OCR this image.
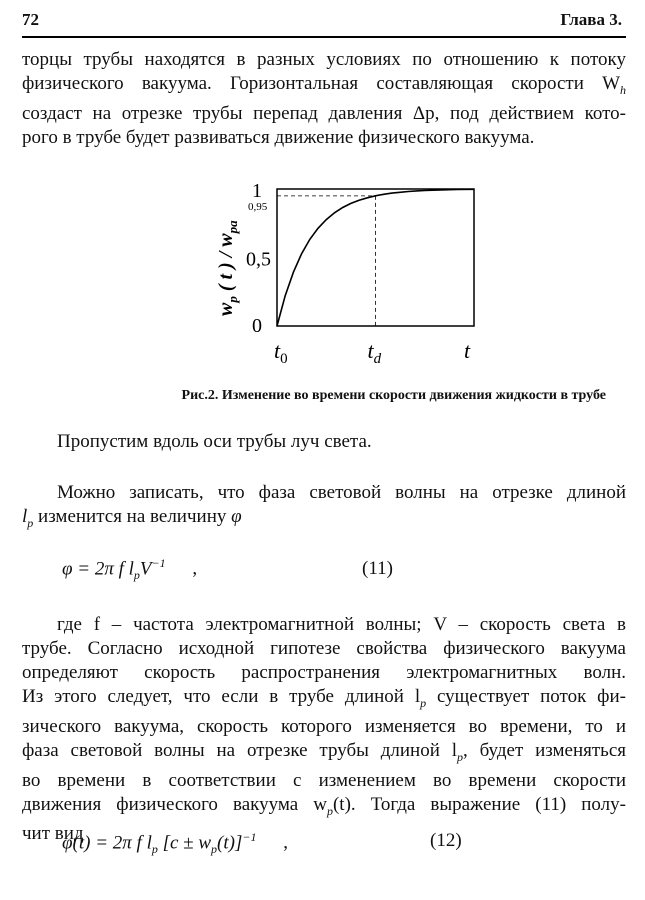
72	Глава 3.
торцы трубы находятся в разных условиях по отношению к потоку
физического вакуума. Горизонтальная составляющая скорости $W_h$
создаст на отрезке трубы перепад давления Δp, под действием кото-
рого в трубе будет развиваться движение физического вакуума.
1
0,95
0,5
0
$t_0$	$t_d$	t
$w_p$ ( t ) / $w_{pa}$
Рис.2. Изменение во времени скорости движения жидкости в трубе
Пропустим вдоль оси трубы луч света.
Можно записать, что фаза световой волны на отрезке длиной
$l_p$ изменится на величину φ
φ = 2π f $l_pV^{-1}$ ,	(11)
где f – частота электромагнитной волны; V – скорость света в
трубе. Согласно исходной гипотезе свойства физического вакуума
определяют скорость распространения электромагнитных волн.
Из этого следует, что если в трубе длиной $l_p$ существует поток фи-
зического вакуума, скорость которого изменяется во времени, то и
фаза световой волны на отрезке трубы длиной $l_p$, будет изменяться
во времени в соответствии с изменением во времени скорости
движения физического вакуума $w_p(t)$. Тогда выражение (11) полу-
чит вид
φ(t) = 2π f $l_p$ $[c \pm w_p(t)]^{-1}$ ,	(12)
